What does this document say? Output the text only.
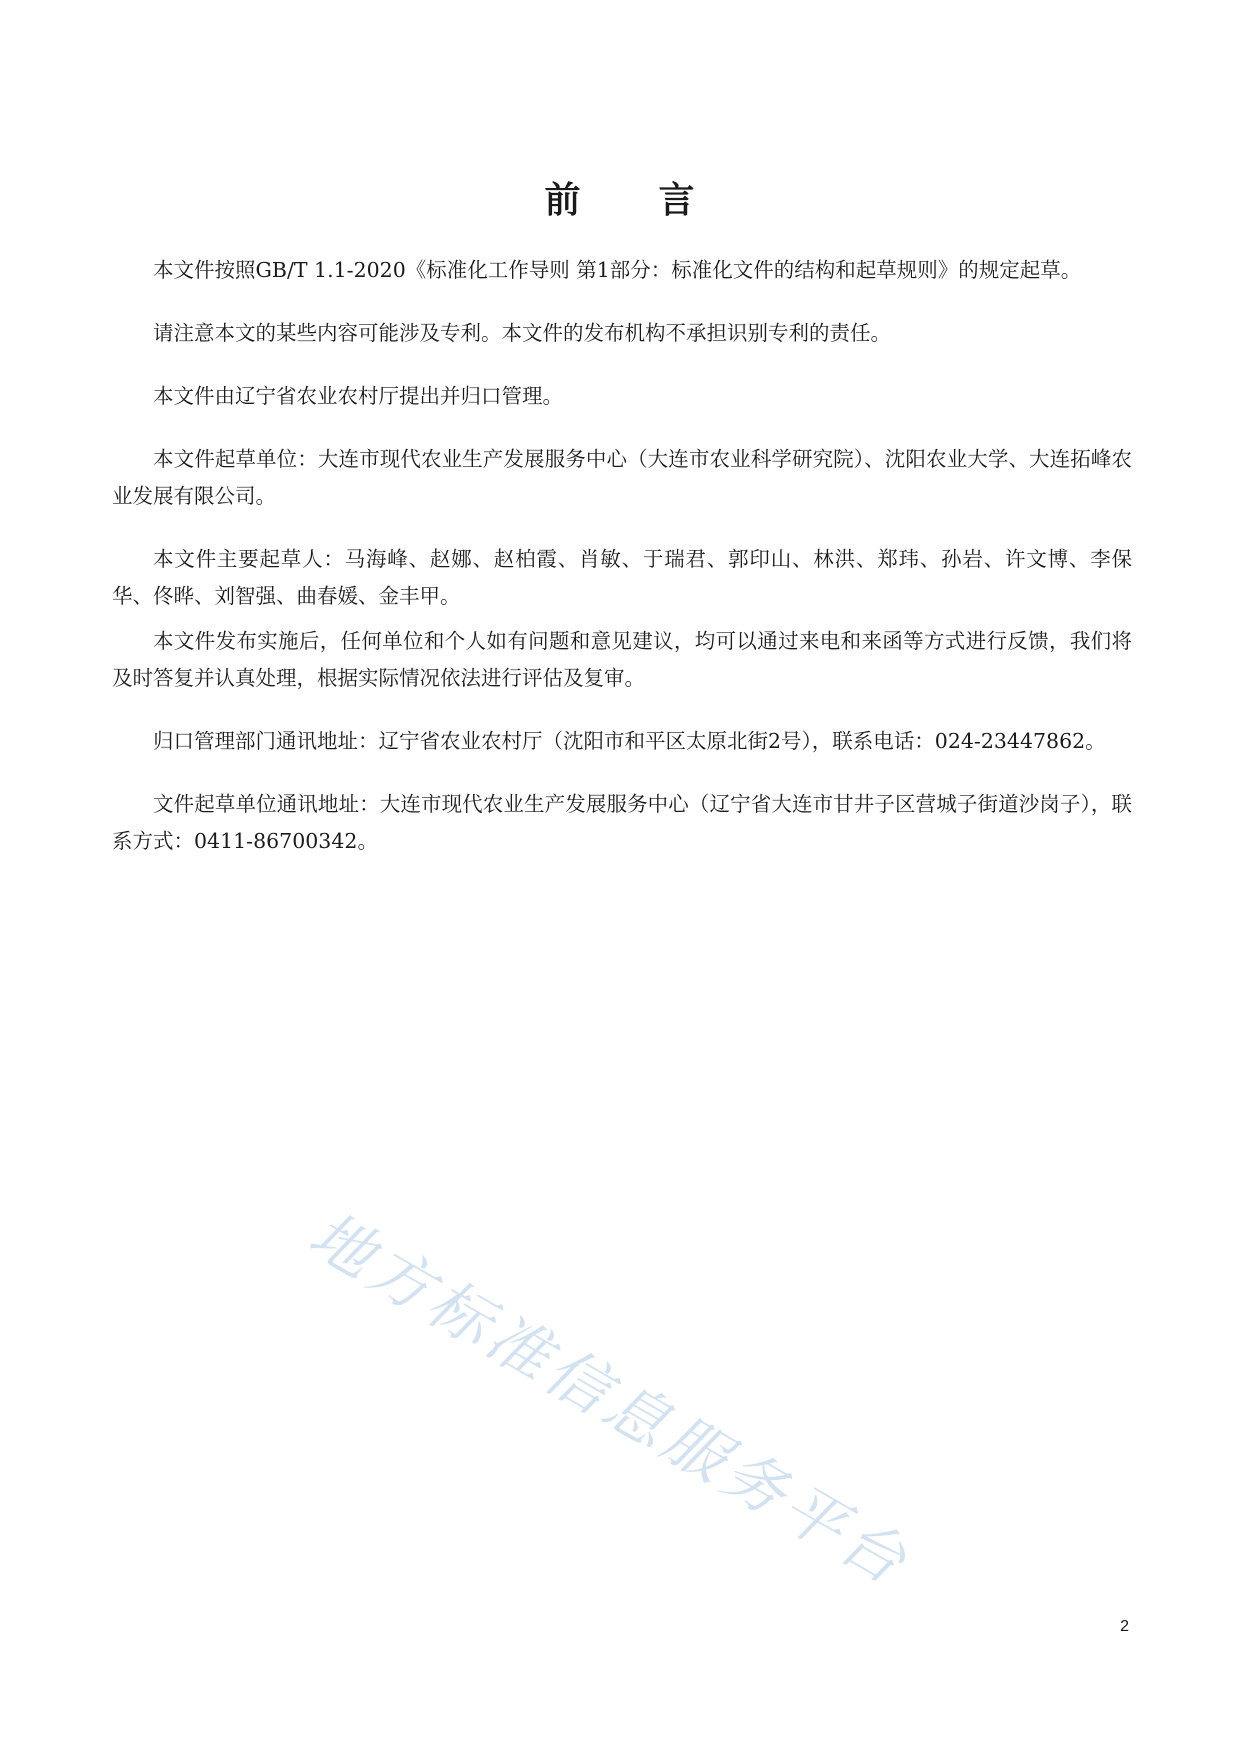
前　　言

本文件按照GB/T 1.1-2020《标准化工作导则 第1部分：标准化文件的结构和起草规则》的规定起草。

请注意本文的某些内容可能涉及专利。本文件的发布机构不承担识别专利的责任。

本文件由辽宁省农业农村厅提出并归口管理。

本文件起草单位：大连市现代农业生产发展服务中心（大连市农业科学研究院）、沈阳农业大学、大连拓峰农业发展有限公司。

本文件主要起草人：马海峰、赵娜、赵柏霞、肖敏、于瑞君、郭印山、林洪、郑玮、孙岩、许文博、李保华、佟晔、刘智强、曲春媛、金丰甲。

本文件发布实施后，任何单位和个人如有问题和意见建议，均可以通过来电和来函等方式进行反馈，我们将及时答复并认真处理，根据实际情况依法进行评估及复审。

归口管理部门通讯地址：辽宁省农业农村厅（沈阳市和平区太原北街2号），联系电话：024-23447862。

文件起草单位通讯地址：大连市现代农业生产发展服务中心（辽宁省大连市甘井子区营城子街道沙岗子），联系方式：0411-86700342。

地方标准信息服务平台
2
